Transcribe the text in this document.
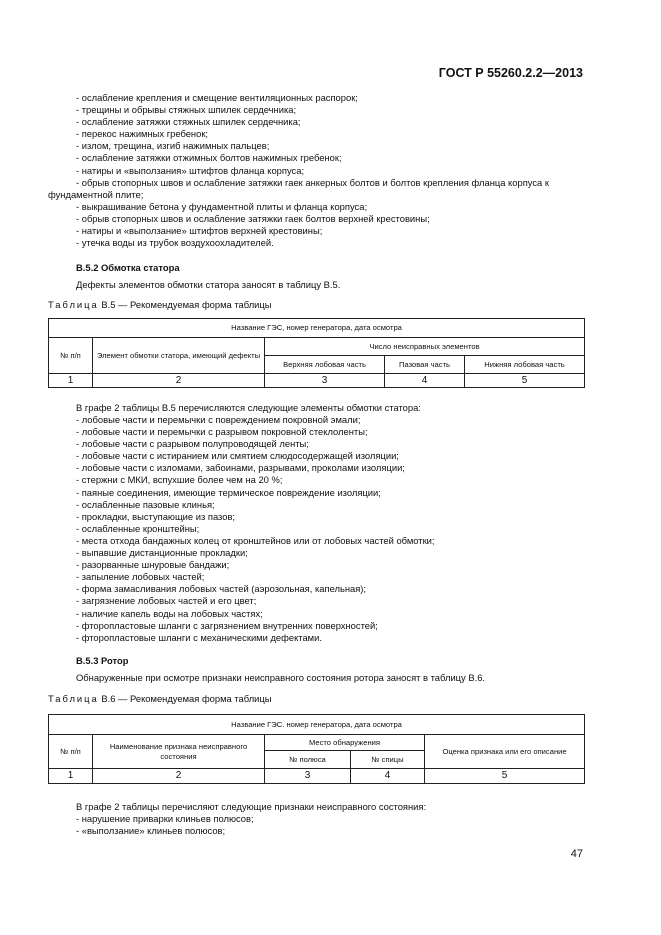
ГОСТ Р 55260.2.2—2013
- ослабление крепления и смещение вентиляционных распорок;
- трещины и обрывы стяжных шпилек сердечника;
- ослабление затяжки стяжных шпилек сердечника;
- перекос нажимных гребенок;
- излом, трещина, изгиб нажимных пальцев;
- ослабление затяжки отжимных болтов нажимных гребенок;
- натиры и «выползания» штифтов фланца корпуса;
- обрыв стопорных швов и ослабление затяжки гаек анкерных болтов и болтов крепления фланца корпуса к фундаментной плите;
- выкрашивание бетона у фундаментной плиты и фланца корпуса;
- обрыв стопорных швов и ослабление затяжки гаек болтов верхней крестовины;
- натиры и «выползание» штифтов верхней крестовины;
- утечка воды из трубок воздухоохладителей.
В.5.2 Обмотка статора
Дефекты элементов обмотки статора заносят в таблицу В.5.
Таблица В.5 — Рекомендуемая форма таблицы
Название ГЭС, номер генератора, дата осмотра				
№ п/п	Элемент обмотки статора, имеющий дефекты	Число неисправных элементов		
		Верхняя лобовая часть	Пазовая часть	Нижняя лобовая часть
1	2	3	4	5
В графе 2 таблицы В.5 перечисляются следующие элементы обмотки статора:
- лобовые части и перемычки с повреждением покровной эмали;
- лобовые части и перемычки с разрывом покровной стеклоленты;
- лобовые части с разрывом полупроводящей ленты;
- лобовые части с истиранием или смятием слюдосодержащей изоляции;
- лобовые части с изломами, забоинами, разрывами, проколами изоляции;
- стержни с МКИ, вспухшие более чем на 20 %;
- паяные соединения, имеющие термическое повреждение изоляции;
- ослабленные пазовые клинья;
- прокладки, выступающие из пазов;
- ослабленные кронштейны;
- места отхода бандажных колец от кронштейнов или от лобовых частей обмотки;
- выпавшие дистанционные прокладки;
- разорванные шнуровые бандажи;
- запыление лобовых частей;
- форма замасливания лобовых частей (аэрозольная, капельная);
- загрязнение лобовых частей и его цвет;
- наличие капель воды на лобовых частях;
- фторопластовые шланги с загрязнением внутренних поверхностей;
- фторопластовые шланги с механическими дефектами.
В.5.3 Ротор
Обнаруженные при осмотре признаки неисправного состояния ротора заносят в таблицу В.6.
Таблица В.6 — Рекомендуемая форма таблицы
Название ГЭС. номер генератора, дата осмотра				
№ п/п	Наименование признака неисправного состояния	Место обнаружения		Оценка признака или его описание
		№ полюса	№ спицы	
1	2	3	4	5
В графе 2 таблицы перечисляют следующие признаки неисправного состояния:
- нарушение приварки клиньев полюсов;
- «выползание» клиньев полюсов;
47
